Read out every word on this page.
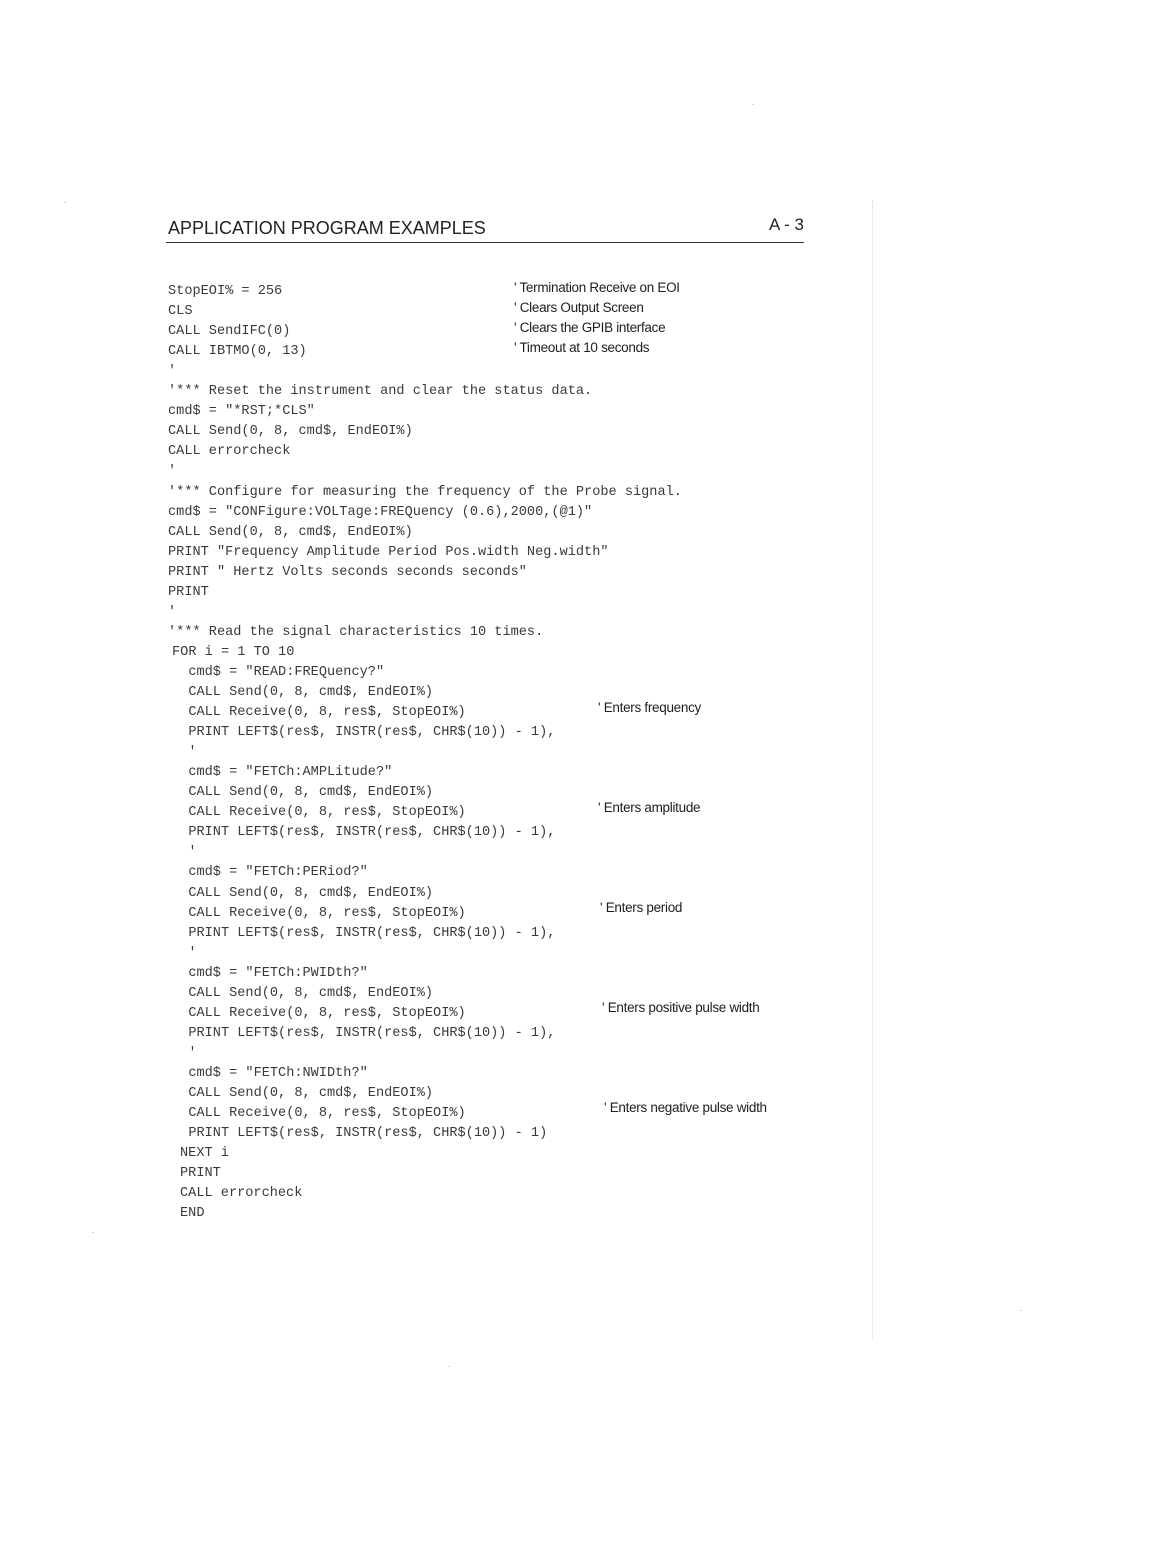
APPLICATION PROGRAM EXAMPLES	A - 3
StopEOI% = 256
CLS
CALL SendIFC(0)
CALL IBTMO(0, 13)
'
'*** Reset the instrument and clear the status data.
cmd$ = "*RST;*CLS"
CALL Send(0, 8, cmd$, EndEOI%)
CALL errorcheck
'
'*** Configure for measuring the frequency of the Probe signal.
cmd$ = "CONFigure:VOLTage:FREQuency (0.6),2000,(@1)"
CALL Send(0, 8, cmd$, EndEOI%)
PRINT "Frequency Amplitude Period Pos.width Neg.width"
PRINT " Hertz Volts seconds seconds seconds"
PRINT
'
'*** Read the signal characteristics 10 times.
FOR i = 1 TO 10
cmd$ = "READ:FREQuency?"
CALL Send(0, 8, cmd$, EndEOI%)
CALL Receive(0, 8, res$, StopEOI%)
PRINT LEFT$(res$, INSTR(res$, CHR$(10)) - 1),
'
cmd$ = "FETCh:AMPLitude?"
CALL Send(0, 8, cmd$, EndEOI%)
CALL Receive(0, 8, res$, StopEOI%)
PRINT LEFT$(res$, INSTR(res$, CHR$(10)) - 1),
'
cmd$ = "FETCh:PERiod?"
CALL Send(0, 8, cmd$, EndEOI%)
CALL Receive(0, 8, res$, StopEOI%)
PRINT LEFT$(res$, INSTR(res$, CHR$(10)) - 1),
'
cmd$ = "FETCh:PWIDth?"
CALL Send(0, 8, cmd$, EndEOI%)
CALL Receive(0, 8, res$, StopEOI%)
PRINT LEFT$(res$, INSTR(res$, CHR$(10)) - 1),
'
cmd$ = "FETCh:NWIDth?"
CALL Send(0, 8, cmd$, EndEOI%)
CALL Receive(0, 8, res$, StopEOI%)
PRINT LEFT$(res$, INSTR(res$, CHR$(10)) - 1)
NEXT i
PRINT
CALL errorcheck
END
' Termination Receive on EOI
' Clears Output Screen
' Clears the GPIB interface
' Timeout at 10 seconds
' Enters frequency
' Enters amplitude
' Enters period
' Enters positive pulse width
' Enters negative pulse width
